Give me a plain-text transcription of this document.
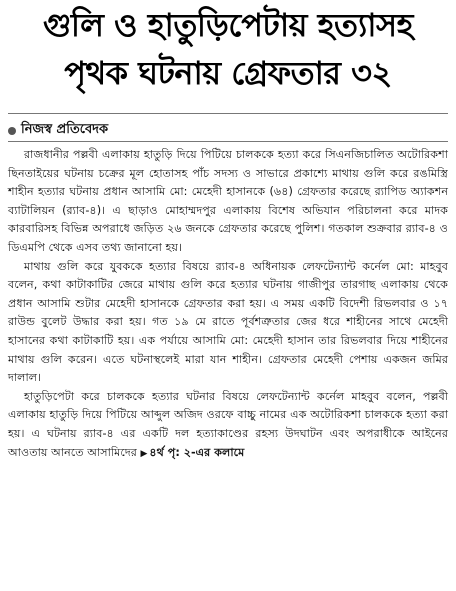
গুলি ও হাতুড়িপেটায় হত্যাসহ
পৃথক ঘটনায় গ্রেফতার ৩২
নিজস্ব প্রতিবেদক

রাজধানীর পল্লবী এলাকায় হাতুড়ি দিয়ে পিটিয়ে চালককে হত্যা করে সিএনজিচালিত অটোরিকশা ছিনতাইয়ের ঘটনায় চক্রের মূল হোতাসহ পাঁচ সদস্য ও সাভারে প্রকাশ্যে মাথায় গুলি করে রঙমিস্ত্রি শাহীন হত্যার ঘটনায় প্রধান আসামি মো: মেহেদী হাসানকে (৬৪) গ্রেফতার করেছে র‌্যাপিড অ্যাকশন ব্যাটালিয়ন (র‌্যাব-৪)। এ ছাড়াও মোহাম্মদপুর এলাকায় বিশেষ অভিযান পরিচালনা করে মাদক কারবারিসহ বিভিন্ন অপরাধে জড়িত ২৬ জনকে গ্রেফতার করেছে পুলিশ। গতকাল শুক্রবার র‌্যাব-৪ ও ডিএমপি থেকে এসব তথ্য জানানো হয়।

মাথায় গুলি করে যুবককে হত্যার বিষয়ে র‌্যাব-৪ অধিনায়ক লেফটেন্যান্ট কর্নেল মো: মাহবুব বলেন, কথা কাটাকাটির জেরে মাথায় গুলি করে হত্যার ঘটনায় গাজীপুর তারগাছ এলাকায় থেকে প্রধান আসামি শুটার মেহেদী হাসানকে গ্রেফতার করা হয়। এ সময় একটি বিদেশী রিভলবার ও ১৭ রাউন্ড বুলেট উদ্ধার করা হয়। গত ১৯ মে রাতে পূর্বশত্রুতার জের ধরে শাহীনের সাথে মেহেদী হাসানের কথা কাটাকাটি হয়। এক পর্যায়ে আসামি মো: মেহেদী হাসান তার রিভলবার দিয়ে শাহীনের মাথায় গুলি করেন। এতে ঘটনাস্থলেই মারা যান শাহীন। গ্রেফতার মেহেদী পেশায় একজন জমির দালাল।

হাতুড়িপেটা করে চালককে হত্যার ঘটনার বিষয়ে লেফটেন্যান্ট কর্নেল মাহবুব বলেন, পল্লবী এলাকায় হাতুড়ি দিয়ে পিটিয়ে আব্দুল অজিদ ওরফে বাচ্চু নামের এক অটোরিকশা চালককে হত্যা করা হয়। এ ঘটনায় র‌্যাব-৪ এর একটি দল হত্যাকাণ্ডের রহস্য উদঘাটন এবং অপরাধীকে আইনের আওতায় আনতে আসামিদের ▶ ৪র্থ পৃ: ২-এর কলামে
